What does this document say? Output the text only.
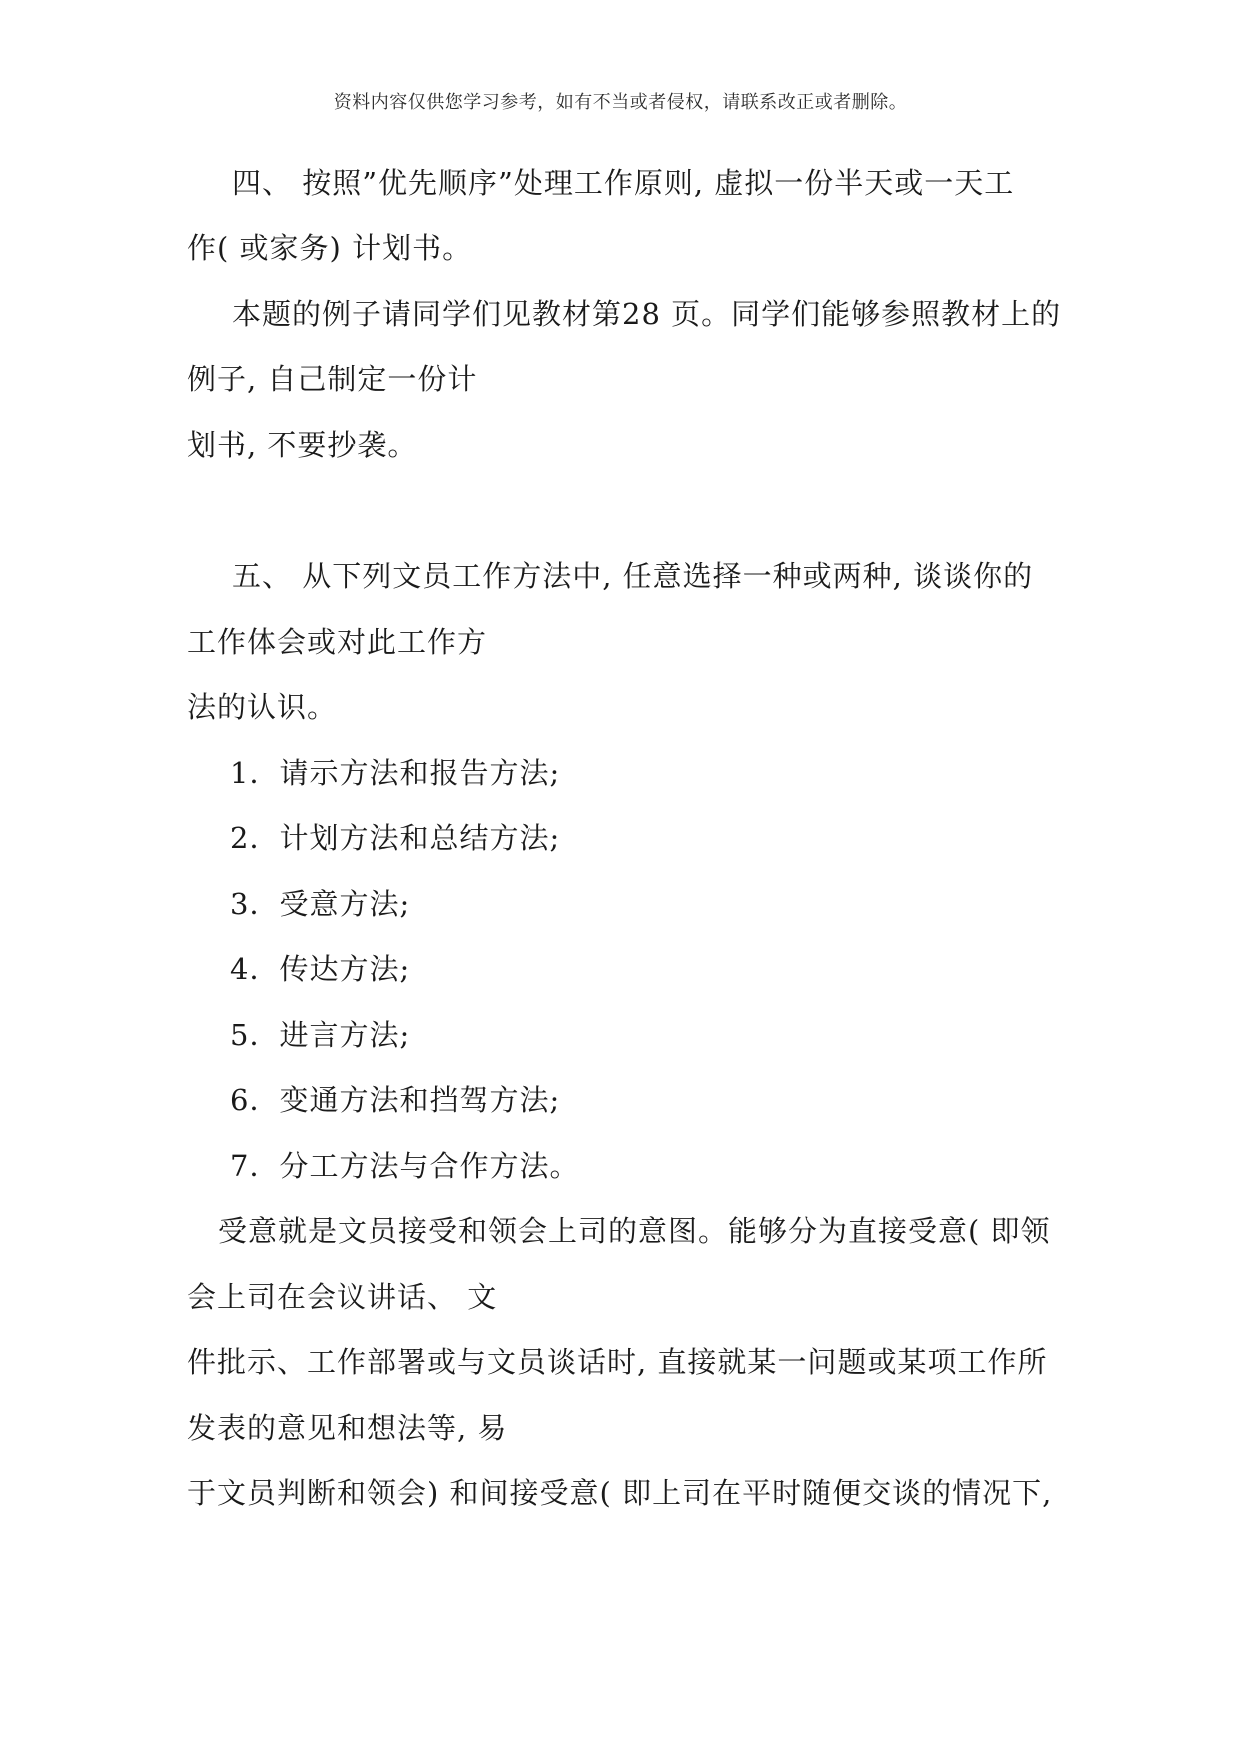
资料内容仅供您学习参考，如有不当或者侵权，请联系改正或者删除。
四、 按照”优先顺序”处理工作原则, 虚拟一份半天或一天工
作( 或家务) 计划书。
本题的例子请同学们见教材第28 页。同学们能够参照教材上的
例子, 自己制定一份计
划书, 不要抄袭。
五、 从下列文员工作方法中, 任意选择一种或两种, 谈谈你的
工作体会或对此工作方
法的认识。
1．请示方法和报告方法;
2．计划方法和总结方法;
3．受意方法;
4．传达方法;
5．进言方法;
6．变通方法和挡驾方法;
7．分工方法与合作方法。
受意就是文员接受和领会上司的意图。能够分为直接受意( 即领
会上司在会议讲话、 文
件批示、工作部署或与文员谈话时, 直接就某一问题或某项工作所
发表的意见和想法等, 易
于文员判断和领会) 和间接受意( 即上司在平时随便交谈的情况下,
